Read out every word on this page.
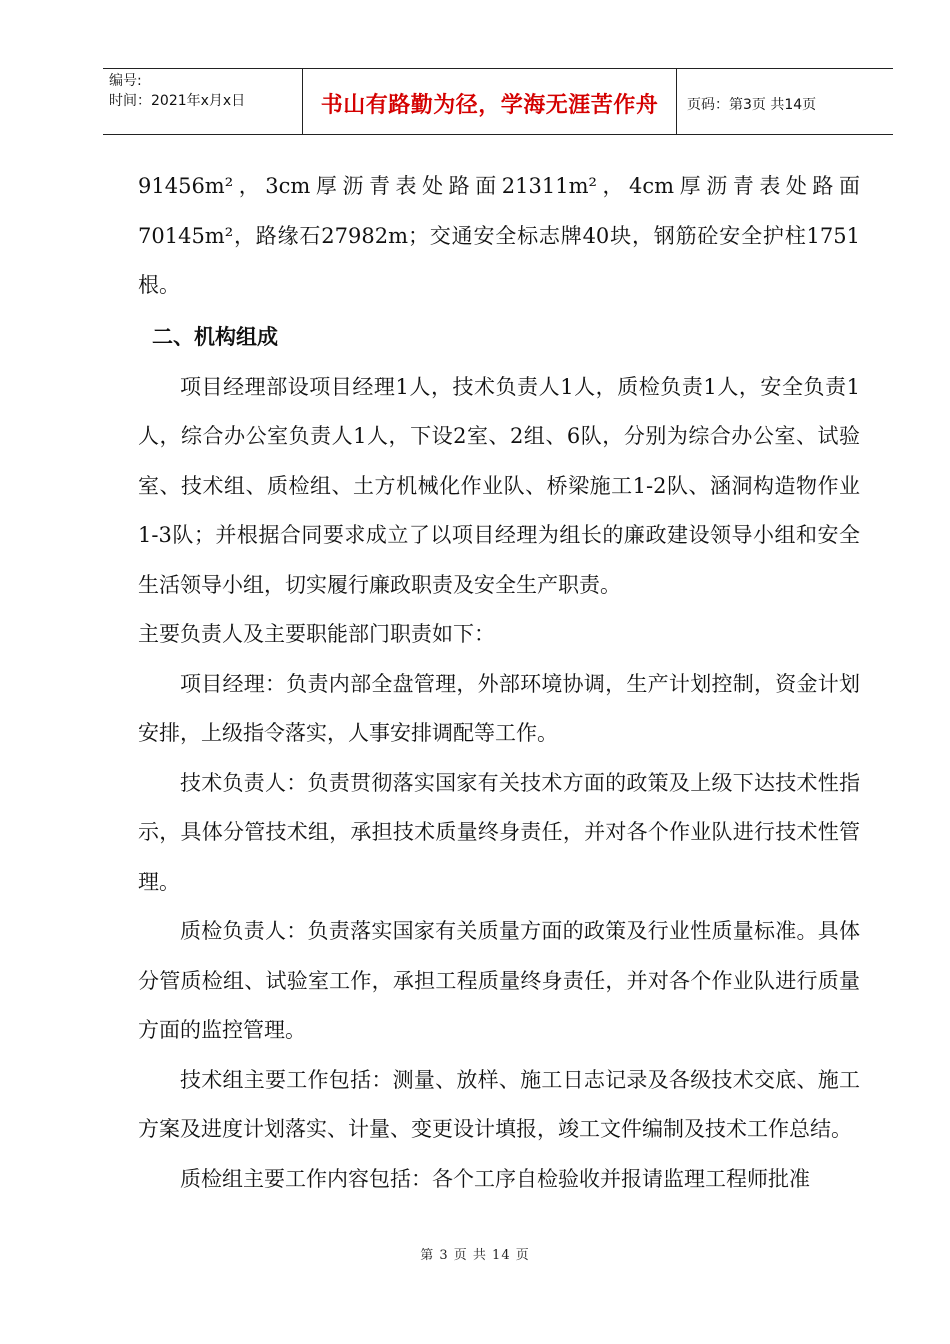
编号:
时间：2021年x月x日	书山有路勤为径，学海无涯苦作舟	页码：第3页 共14页

91456m²，3cm厚沥青表处路面21311m²，4cm厚沥青表处路面70145m²，路缘石27982m；交通安全标志牌40块，钢筋砼安全护柱1751根。

二、机构组成

项目经理部设项目经理1人，技术负责人1人，质检负责1人，安全负责1人，综合办公室负责人1人，下设2室、2组、6队，分别为综合办公室、试验室、技术组、质检组、土方机械化作业队、桥梁施工1-2队、涵洞构造物作业1-3队；并根据合同要求成立了以项目经理为组长的廉政建设领导小组和安全生活领导小组，切实履行廉政职责及安全生产职责。

主要负责人及主要职能部门职责如下：

项目经理：负责内部全盘管理，外部环境协调，生产计划控制，资金计划安排，上级指令落实，人事安排调配等工作。

技术负责人：负责贯彻落实国家有关技术方面的政策及上级下达技术性指示，具体分管技术组，承担技术质量终身责任，并对各个作业队进行技术性管理。

质检负责人：负责落实国家有关质量方面的政策及行业性质量标准。具体分管质检组、试验室工作，承担工程质量终身责任，并对各个作业队进行质量方面的监控管理。

技术组主要工作包括：测量、放样、施工日志记录及各级技术交底、施工方案及进度计划落实、计量、变更设计填报，竣工文件编制及技术工作总结。

质检组主要工作内容包括：各个工序自检验收并报请监理工程师批准

第 3 页 共 14 页
